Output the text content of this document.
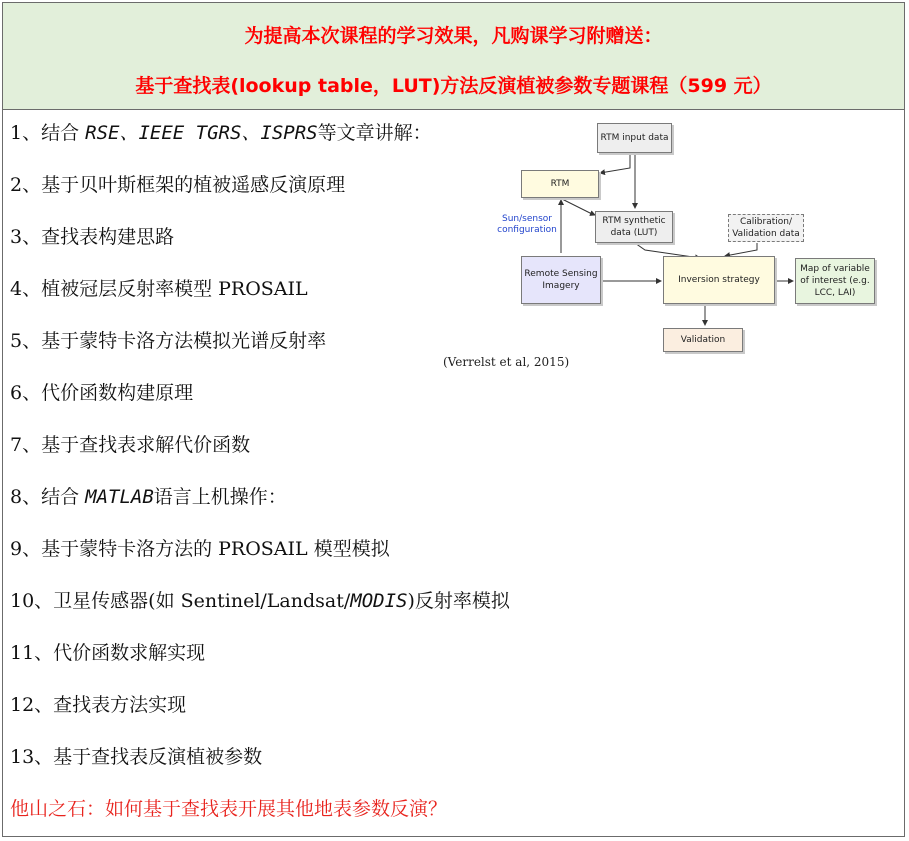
为提高本次课程的学习效果，凡购课学习附赠送：
基于查找表(lookup table，LUT)方法反演植被参数专题课程（599 元）
1、结合 RSE、IEEE TGRS、ISPRS等文章讲解：
2、基于贝叶斯框架的植被遥感反演原理
3、查找表构建思路
4、植被冠层反射率模型 PROSAIL
5、基于蒙特卡洛方法模拟光谱反射率
6、代价函数构建原理
7、基于查找表求解代价函数
8、结合 MATLAB语言上机操作：
9、基于蒙特卡洛方法的 PROSAIL 模型模拟
10、卫星传感器(如 Sentinel/Landsat/MODIS)反射率模拟
11、代价函数求解实现
12、查找表方法实现
13、基于查找表反演植被参数
他山之石：如何基于查找表开展其他地表参数反演？
RTM input data
RTM
Sun/sensor configuration
RTM synthetic data (LUT)
Calibration/ Validation data
Remote Sensing Imagery
Inversion strategy
Map of variable of interest (e.g. LCC, LAI)
Validation
(Verrelst et al, 2015)
